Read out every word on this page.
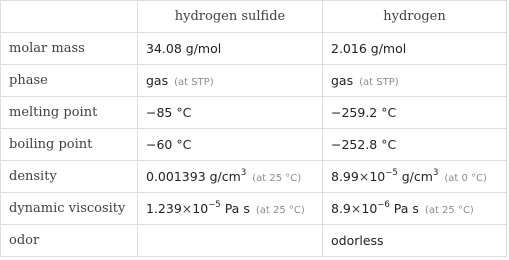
	hydrogen sulfide	hydrogen
molar mass	34.08 g/mol	2.016 g/mol
phase	gas (at STP)	gas (at STP)
melting point	−85 °C	−259.2 °C
boiling point	−60 °C	−252.8 °C
density	0.001393 $g/cm^3(at$ 25 °C)	$8.99\times 10^{-5}$ $g/cm^3(at$ 0 °C)
dynamic viscosity	$1.239\times 10^{-5}$ Pa s (at 25 °C)	$8.9\times 10^{-6}$ Pa s (at 25 °C)
odor		odorless
